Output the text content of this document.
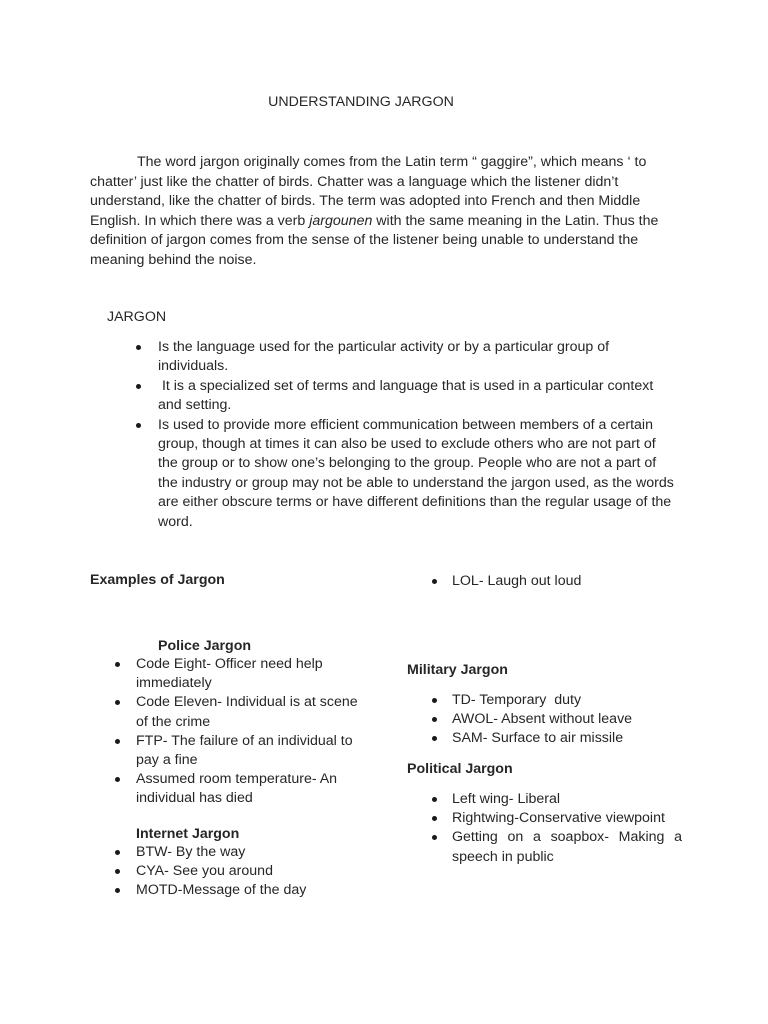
UNDERSTANDING JARGON
The word jargon originally comes from the Latin term “ gaggire”, which means ‘ to chatter’ just like the chatter of birds. Chatter was a language which the listener didn’t understand, like the chatter of birds. The term was adopted into French and then Middle English. In which there was a verb jargounen with the same meaning in the Latin. Thus the definition of jargon comes from the sense of the listener being unable to understand the meaning behind the noise.
JARGON
Is the language used for the particular activity or by a particular group of individuals.
It is a specialized set of terms and language that is used in a particular context and setting.
Is used to provide more efficient communication between members of a certain group, though at times it can also be used to exclude others who are not part of the group or to show one’s belonging to the group. People who are not a part of the industry or group may not be able to understand the jargon used, as the words are either obscure terms or have different definitions than the regular usage of the word.
Examples of Jargon
Police Jargon
Code Eight- Officer need help immediately
Code Eleven- Individual is at scene of the crime
FTP- The failure of an individual to pay a fine
Assumed room temperature- An individual has died
Internet Jargon
BTW- By the way
CYA- See you around
MOTD-Message of the day
LOL- Laugh out loud
Military Jargon
TD- Temporary  duty
AWOL- Absent without leave
SAM- Surface to air missile
Political Jargon
Left wing- Liberal
Rightwing-Conservative viewpoint
Getting on a soapbox- Making a speech in public
